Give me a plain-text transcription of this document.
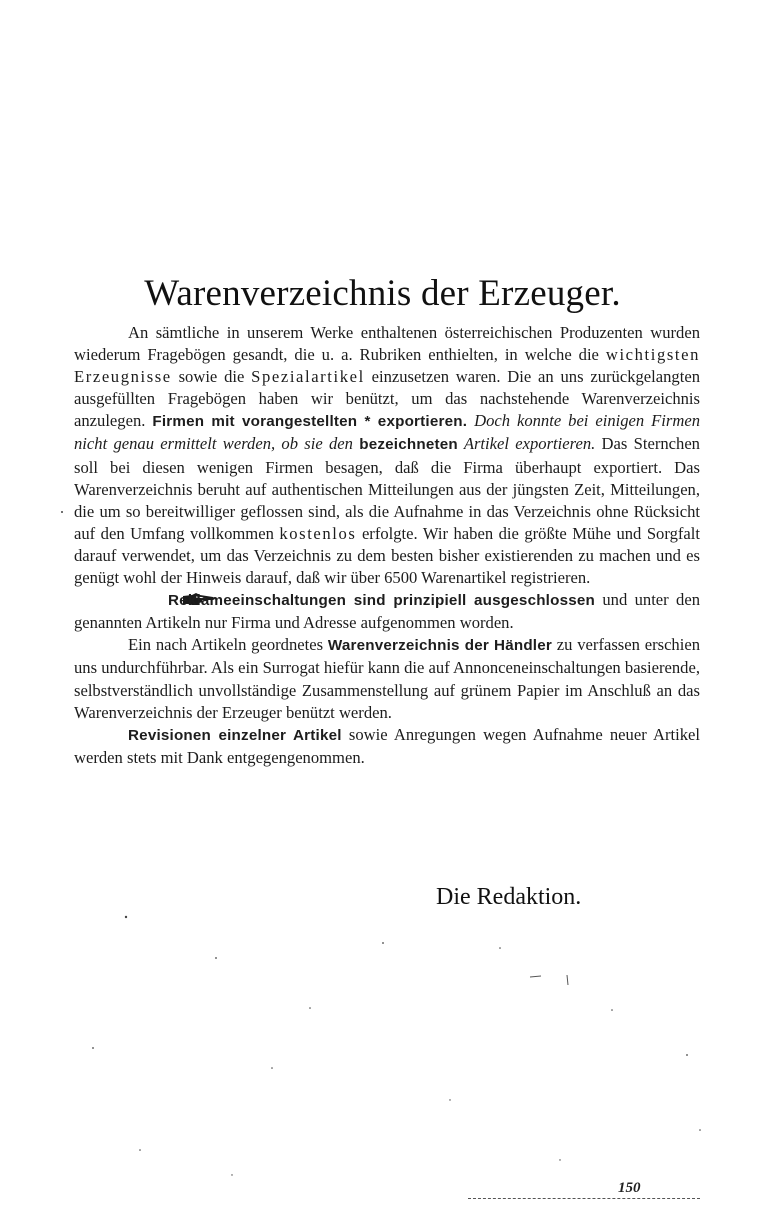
Warenverzeichnis der Erzeuger.

An sämtliche in unserem Werke enthaltenen österreichischen Produzenten wurden wiederum Fragebögen gesandt, die u. a. Rubriken enthielten, in welche die wichtigsten Erzeugnisse sowie die Spezialartikel einzusetzen waren. Die an uns zurückgelangten ausgefüllten Fragebögen haben wir benützt, um das nachstehende Warenverzeichnis anzulegen. Firmen mit vorangestellten * exportieren. Doch konnte bei einigen Firmen nicht genau ermittelt werden, ob sie den bezeichneten Artikel exportieren. Das Sternchen soll bei diesen wenigen Firmen besagen, daß die Firma überhaupt exportiert. Das Warenverzeichnis beruht auf authentischen Mitteilungen aus der jüngsten Zeit, Mitteilungen, die um so bereitwilliger geflossen sind, als die Aufnahme in das Verzeichnis ohne Rücksicht auf den Umfang vollkommen kostenlos erfolgte. Wir haben die größte Mühe und Sorgfalt darauf verwendet, um das Verzeichnis zu dem besten bisher existierenden zu machen und es genügt wohl der Hinweis darauf, daß wir über 6500 Warenartikel registrieren.

Reklameeinschaltungen sind prinzipiell ausgeschlossen und unter den genannten Artikeln nur Firma und Adresse aufgenommen worden.

Ein nach Artikeln geordnetes Warenverzeichnis der Händler zu verfassen erschien uns undurchführbar. Als ein Surrogat hiefür kann die auf Annonceneinschaltungen basierende, selbstverständlich unvollständige Zusammenstellung auf grünem Papier im Anschluß an das Warenverzeichnis der Erzeuger benützt werden.

Revisionen einzelner Artikel sowie Anregungen wegen Aufnahme neuer Artikel werden stets mit Dank entgegengenommen.

Die Redaktion.
150
